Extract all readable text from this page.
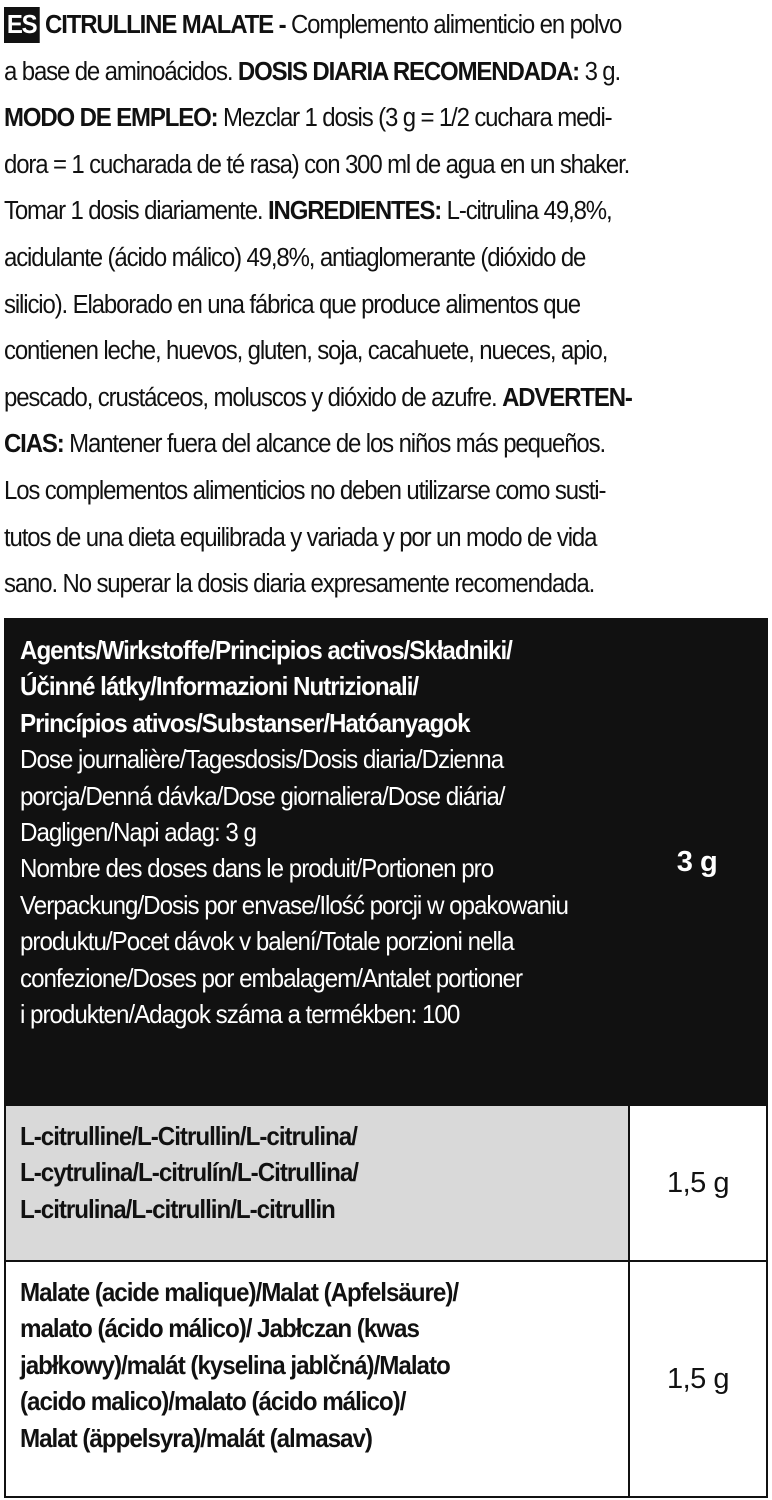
ES CITRULLINE MALATE - Complemento alimenticio en polvo
a base de aminoácidos. DOSIS DIARIA RECOMENDADA: 3 g.
MODO DE EMPLEO: Mezclar 1 dosis (3 g = 1/2 cuchara medi-
dora = 1 cucharada de té rasa) con 300 ml de agua en un shaker.
Tomar 1 dosis diariamente. INGREDIENTES: L-citrulina 49,8%,
acidulante (ácido málico) 49,8%, antiaglomerante (dióxido de
silicio). Elaborado en una fábrica que produce alimentos que
contienen leche, huevos, gluten, soja, cacahuete, nueces, apio,
pescado, crustáceos, moluscos y dióxido de azufre. ADVERTEN-
CIAS: Mantener fuera del alcance de los niños más pequeños.
Los complementos alimenticios no deben utilizarse como susti-
tutos de una dieta equilibrada y variada y por un modo de vida
sano. No superar la dosis diaria expresamente recomendada.
Agents/Wirkstoffe/Principios activos/Składniki/
Účinné látky/Informazioni Nutrizionali/
Princípios ativos/Substanser/Hatóanyagok
Dose journalière/Tagesdosis/Dosis diaria/Dzienna
porcja/Denná dávka/Dose giornaliera/Dose diária/
Dagligen/Napi adag: 3 g
Nombre des doses dans le produit/Portionen pro
Verpackung/Dosis por envase/Ilość porcji w opakowaniu
produktu/Pocet dávok v balení/Totale porzioni nella
confezione/Doses por embalagem/Antalet portioner
i produkten/Adagok száma a termékben: 100
3 g
L-citrulline/L-Citrullin/L-citrulina/
L-cytrulina/L-citrulín/L-Citrullina/
L-citrulina/L-citrullin/L-citrullin
1,5 g
Malate (acide malique)/Malat (Apfelsäure)/
malato (ácido málico)/ Jabłczan (kwas
jabłkowy)/malát (kyselina jablčná)/Malato
(acido malico)/malato (ácido málico)/
Malat (äppelsyra)/malát (almasav)
1,5 g
